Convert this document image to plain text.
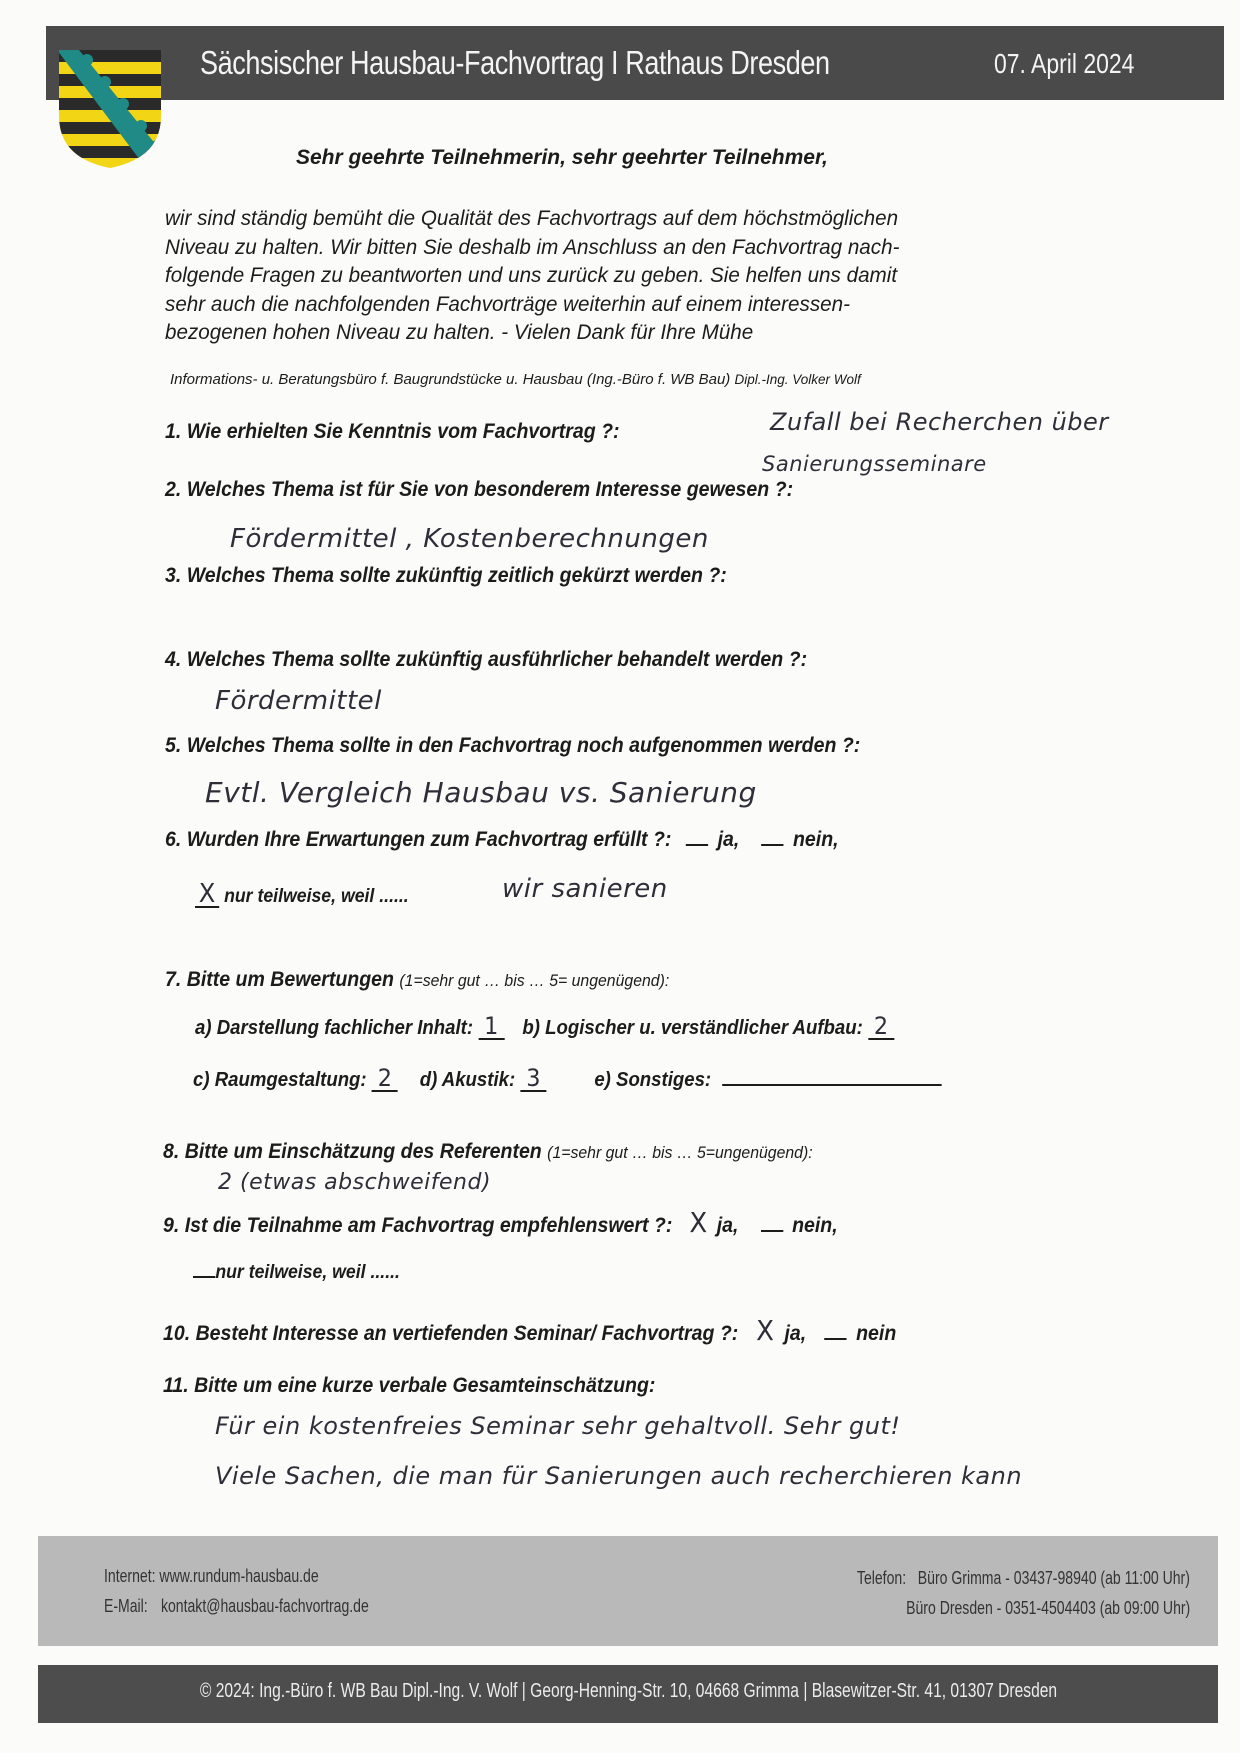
Sächsischer Hausbau-Fachvortrag I Rathaus Dresden	07. April 2024
Sehr geehrte Teilnehmerin, sehr geehrter Teilnehmer,

wir sind ständig bemüht die Qualität des Fachvortrags auf dem höchstmöglichen

Niveau zu halten. Wir bitten Sie deshalb im Anschluss an den Fachvortrag nach-

folgende Fragen zu beantworten und uns zurück zu geben. Sie helfen uns damit

sehr auch die nachfolgenden Fachvorträge weiterhin auf einem interessen-

bezogenen hohen Niveau zu halten. - Vielen Dank für Ihre Mühe

Informations- u. Beratungsbüro f. Baugrundstücke u. Hausbau (Ing.-Büro f. WB Bau) Dipl.-Ing. Volker Wolf
1. Wie erhielten Sie Kenntnis vom Fachvortrag ?:	Zufall bei Recherchen über
Sanierungsseminare
2. Welches Thema ist für Sie von besonderem Interesse gewesen ?:
Fördermittel , Kostenberechnungen
3. Welches Thema sollte zukünftig zeitlich gekürzt werden ?:
4. Welches Thema sollte zukünftig ausführlicher behandelt werden ?:
Fördermittel
5. Welches Thema sollte in den Fachvortrag noch aufgenommen werden ?:
Evtl. Vergleich Hausbau vs. Sanierung
6. Wurden Ihre Erwartungen zum Fachvortrag erfüllt ?: ja,	nein,
X nur teilweise, weil ......	wir sanieren
7. Bitte um Bewertungen (1=sehr gut … bis … 5= ungenügend):
a) Darstellung fachlicher Inhalt: 1 b) Logischer u. verständlicher Aufbau: 2
c) Raumgestaltung: 2 d) Akustik: 3	e) Sonstiges:
8. Bitte um Einschätzung des Referenten (1=sehr gut … bis … 5=ungenügend):
2 (etwas abschweifend)
9. Ist die Teilnahme am Fachvortrag empfehlenswert ?: X ja,	nein,
nur teilweise, weil ......
10. Besteht Interesse an vertiefenden Seminar/ Fachvortrag ?: X ja, nein
11. Bitte um eine kurze verbale Gesamteinschätzung:
Für ein kostenfreies Seminar sehr gehaltvoll. Sehr gut!
Viele Sachen, die man für Sanierungen auch recherchieren kann
Internet: www.rundum-hausbau.de
E-Mail: kontakt@hausbau-fachvortrag.de
Telefon: Büro Grimma - 03437-98940 (ab 11:00 Uhr)
Büro Dresden - 0351-4504403 (ab 09:00 Uhr)
© 2024: Ing.-Büro f. WB Bau Dipl.-Ing. V. Wolf | Georg-Henning-Str. 10, 04668 Grimma | Blasewitzer-Str. 41, 01307 Dresden
